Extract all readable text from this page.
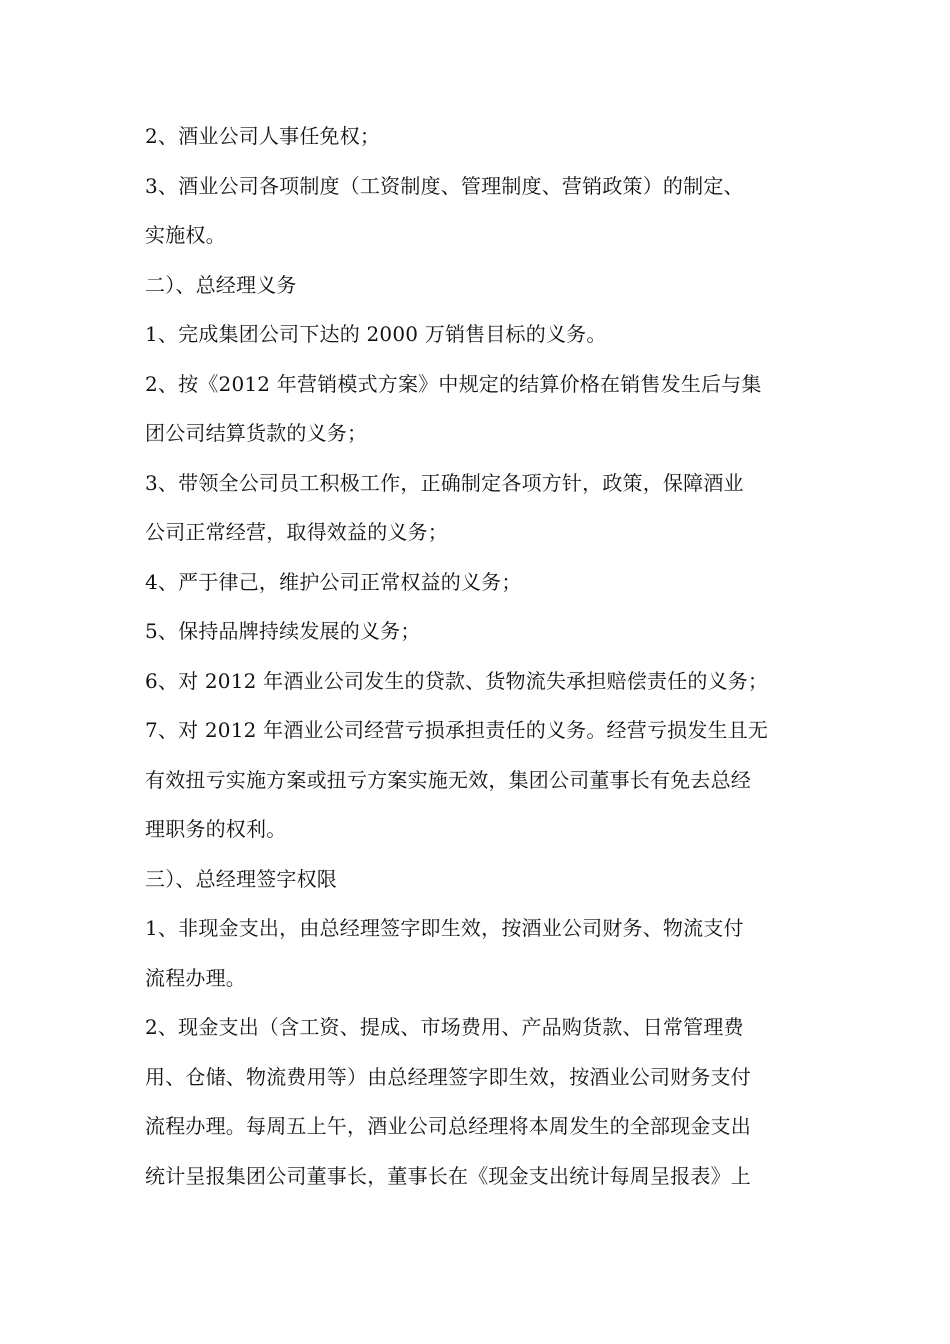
2、酒业公司人事任免权；
3、酒业公司各项制度（工资制度、管理制度、营销政策）的制定、
实施权。
二）、总经理义务
1、完成集团公司下达的 2000 万销售目标的义务。
2、按《2012 年营销模式方案》中规定的结算价格在销售发生后与集
团公司结算货款的义务；
3、带领全公司员工积极工作，正确制定各项方针，政策，保障酒业
公司正常经营，取得效益的义务；
4、严于律己，维护公司正常权益的义务；
5、保持品牌持续发展的义务；
6、对 2012 年酒业公司发生的贷款、货物流失承担赔偿责任的义务；
7、对 2012 年酒业公司经营亏损承担责任的义务。经营亏损发生且无
有效扭亏实施方案或扭亏方案实施无效，集团公司董事长有免去总经
理职务的权利。
三）、总经理签字权限
1、非现金支出，由总经理签字即生效，按酒业公司财务、物流支付
流程办理。
2、现金支出（含工资、提成、市场费用、产品购货款、日常管理费
用、仓储、物流费用等）由总经理签字即生效，按酒业公司财务支付
流程办理。每周五上午，酒业公司总经理将本周发生的全部现金支出
统计呈报集团公司董事长，董事长在《现金支出统计每周呈报表》上
